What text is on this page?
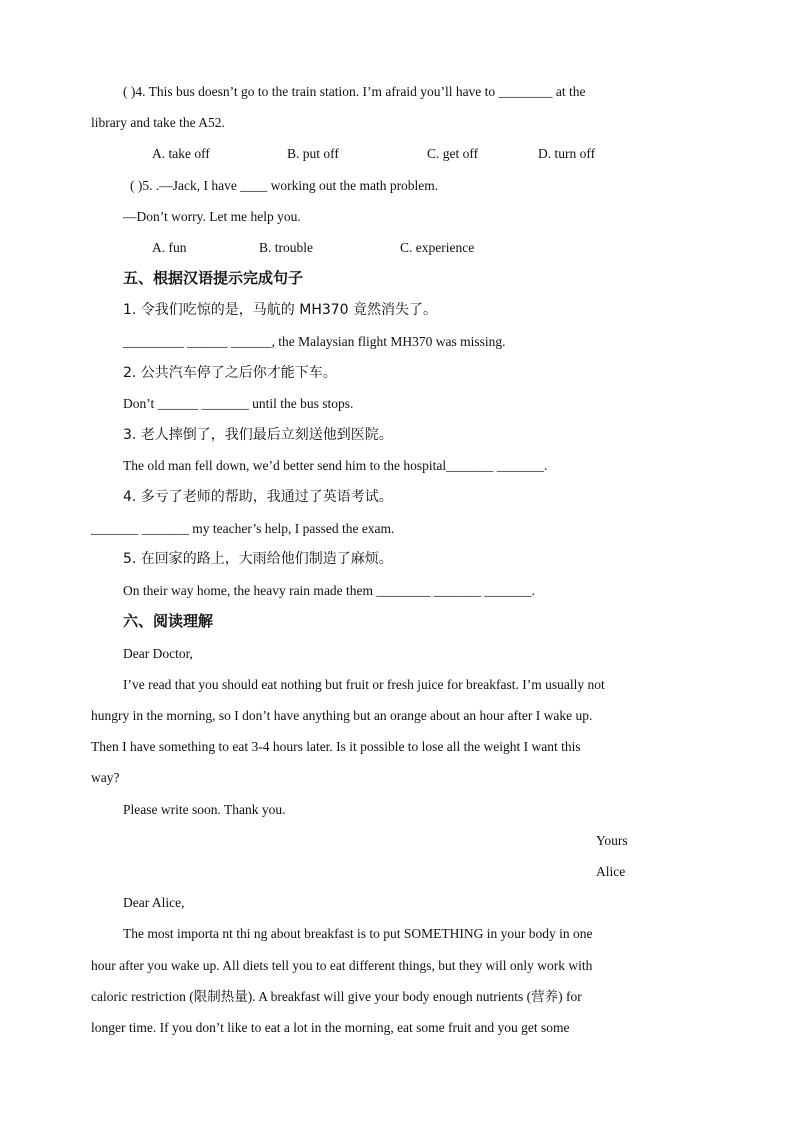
( )4. This bus doesn’t go to the train station. I’m afraid you’ll have to ________ at the
library and take the A52.
A. take off	B. put off	C. get off	D. turn off
( )5. .—Jack, I have ____ working out the math problem.
—Don’t worry. Let me help you.
A. fun	B. trouble	C. experience
五、根据汉语提示完成句子
1. 令我们吃惊的是，马航的 MH370 竟然消失了。
_________ ______ ______, the Malaysian flight MH370 was missing.
2. 公共汽车停了之后你才能下车。
Don’t ______ _______ until the bus stops.
3. 老人摔倒了，我们最后立刻送他到医院。
The old man fell down, we’d better send him to the hospital_______ _______.
4. 多亏了老师的帮助，我通过了英语考试。
_______ _______ my teacher’s help, I passed the exam.
5. 在回家的路上，大雨给他们制造了麻烦。
On their way home, the heavy rain made them ________ _______ _______.
六、阅读理解
Dear Doctor,
I’ve read that you should eat nothing but fruit or fresh juice for breakfast. I’m usually not
hungry in the morning, so I don’t have anything but an orange about an hour after I wake up.
Then I have something to eat 3-4 hours later. Is it possible to lose all the weight I want this
way?
Please write soon. Thank you.
Yours
Alice
Dear Alice,
The most importa nt thi ng about breakfast is to put SOMETHING in your body in one
hour after you wake up. All diets tell you to eat different things, but they will only work with
caloric restriction (限制热量). A breakfast will give your body enough nutrients (营养) for
longer time. If you don’t like to eat a lot in the morning, eat some fruit and you get some
